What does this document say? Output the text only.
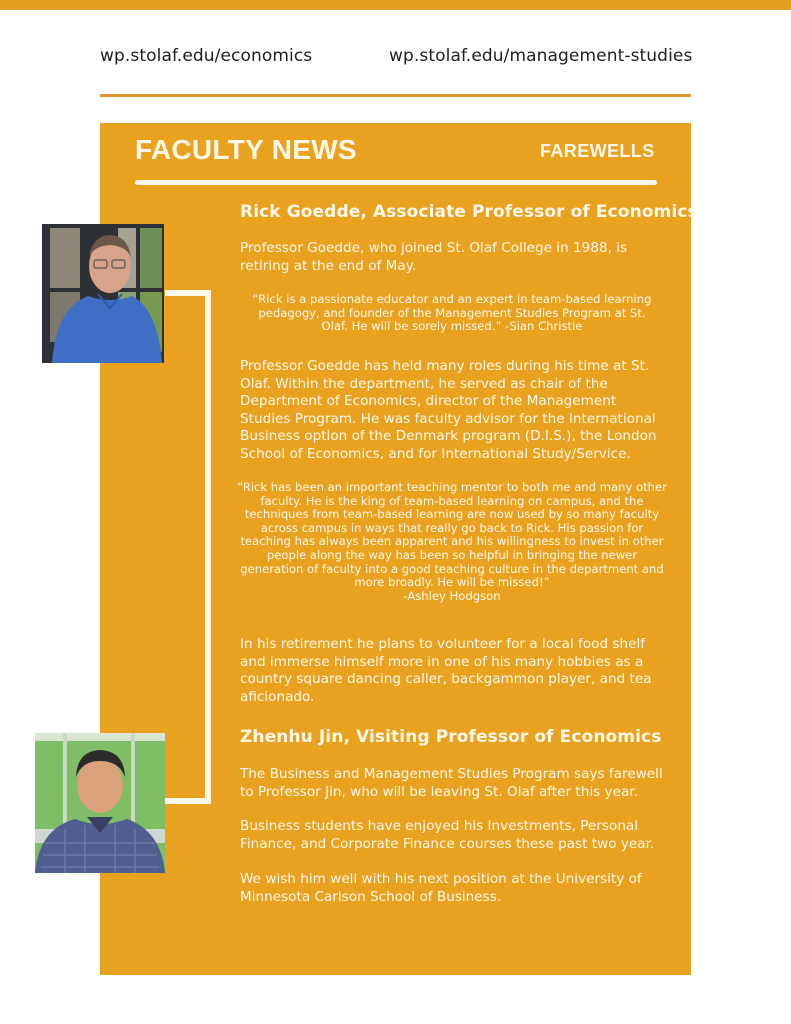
wp.stolaf.edu/economics	wp.stolaf.edu/management-studies
FACULTY NEWS	FAREWELLS
Rick Goedde, Associate Professor of Economics
Professor Goedde, who joined St. Olaf College in 1988, is retiring at the end of May.
“Rick is a passionate educator and an expert in team-based learning pedagogy, and founder of the Management Studies Program at St. Olaf. He will be sorely missed.” -Sian Christie
Professor Goedde has held many roles during his time at St. Olaf. Within the department, he served as chair of the Department of Economics, director of the Management Studies Program. He was faculty advisor for the International Business option of the Denmark program (D.I.S.), the London School of Economics, and for International Study/Service.
“Rick has been an important teaching mentor to both me and many other faculty. He is the king of team-based learning on campus, and the techniques from team-based learning are now used by so many faculty across campus in ways that really go back to Rick. His passion for teaching has always been apparent and his willingness to invest in other people along the way has been so helpful in bringing the newer generation of faculty into a good teaching culture in the department and more broadly. He will be missed!”
-Ashley Hodgson
In his retirement he plans to volunteer for a local food shelf and immerse himself more in one of his many hobbies as a country square dancing caller, backgammon player, and tea aficionado.
Zhenhu Jin, Visiting Professor of Economics
The Business and Management Studies Program says farewell to Professor Jin, who will be leaving St. Olaf after this year.
Business students have enjoyed his Investments, Personal Finance, and Corporate Finance courses these past two year.
We wish him well with his next position at the University of Minnesota Carlson School of Business.
